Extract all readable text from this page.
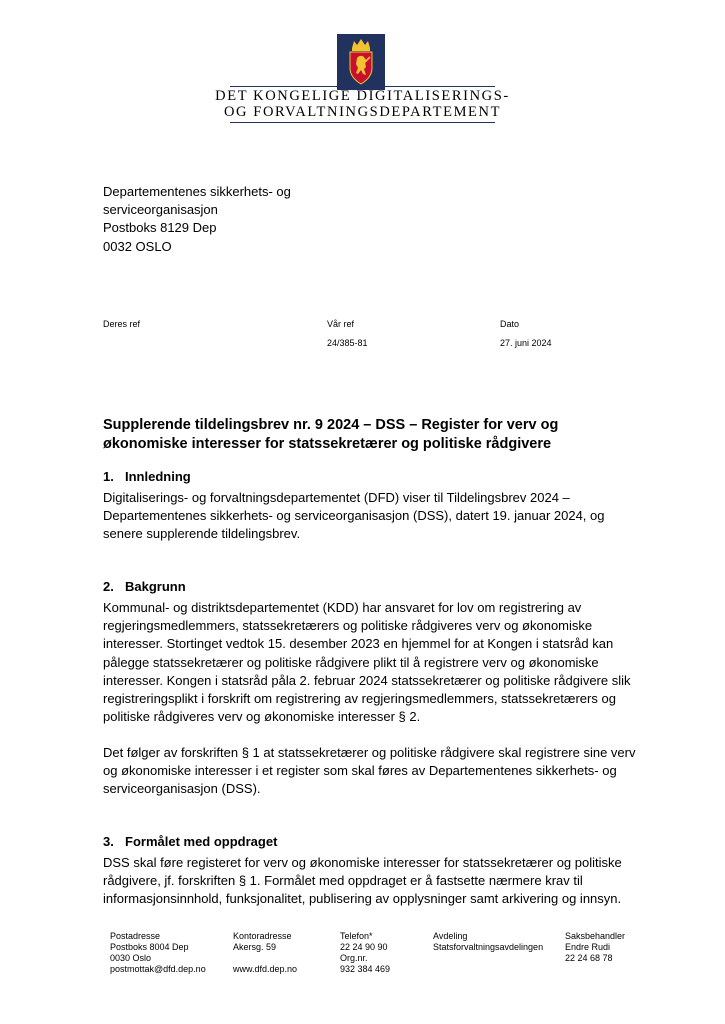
DET KONGELIGE DIGITALISERINGS-
OG FORVALTNINGSDEPARTEMENT
Departementenes sikkerhets- og
serviceorganisasjon
Postboks 8129 Dep
0032 OSLO
Deres ref	Vår ref
24/385-81
Dato
27. juni 2024
Supplerende tildelingsbrev nr. 9 2024 – DSS – Register for verv og
økonomiske interesser for statssekretærer og politiske rådgivere
1. Innledning
Digitaliserings- og forvaltningsdepartementet (DFD) viser til Tildelingsbrev 2024 –
Departementenes sikkerhets- og serviceorganisasjon (DSS), datert 19. januar 2024, og
senere supplerende tildelingsbrev.
2. Bakgrunn
Kommunal- og distriktsdepartementet (KDD) har ansvaret for lov om registrering av
regjeringsmedlemmers, statssekretærers og politiske rådgiveres verv og økonomiske
interesser. Stortinget vedtok 15. desember 2023 en hjemmel for at Kongen i statsråd kan
pålegge statssekretærer og politiske rådgivere plikt til å registrere verv og økonomiske
interesser. Kongen i statsråd påla 2. februar 2024 statssekretærer og politiske rådgivere slik
registreringsplikt i forskrift om registrering av regjeringsmedlemmers, statssekretærers og
politiske rådgiveres verv og økonomiske interesser § 2.
Det følger av forskriften § 1 at statssekretærer og politiske rådgivere skal registrere sine verv
og økonomiske interesser i et register som skal føres av Departementenes sikkerhets- og
serviceorganisasjon (DSS).
3. Formålet med oppdraget
DSS skal føre registeret for verv og økonomiske interesser for statssekretærer og politiske
rådgivere, jf. forskriften § 1. Formålet med oppdraget er å fastsette nærmere krav til
informasjonsinnhold, funksjonalitet, publisering av opplysninger samt arkivering og innsyn.
Postadresse
Postboks 8004 Dep
0030 Oslo
postmottak@dfd.dep.no
Kontoradresse
Akersg. 59
www.dfd.dep.no
Telefon*
22 24 90 90
Org.nr.
932 384 469
Avdeling
Statsforvaltningsavdelingen
Saksbehandler
Endre Rudi
22 24 68 78
